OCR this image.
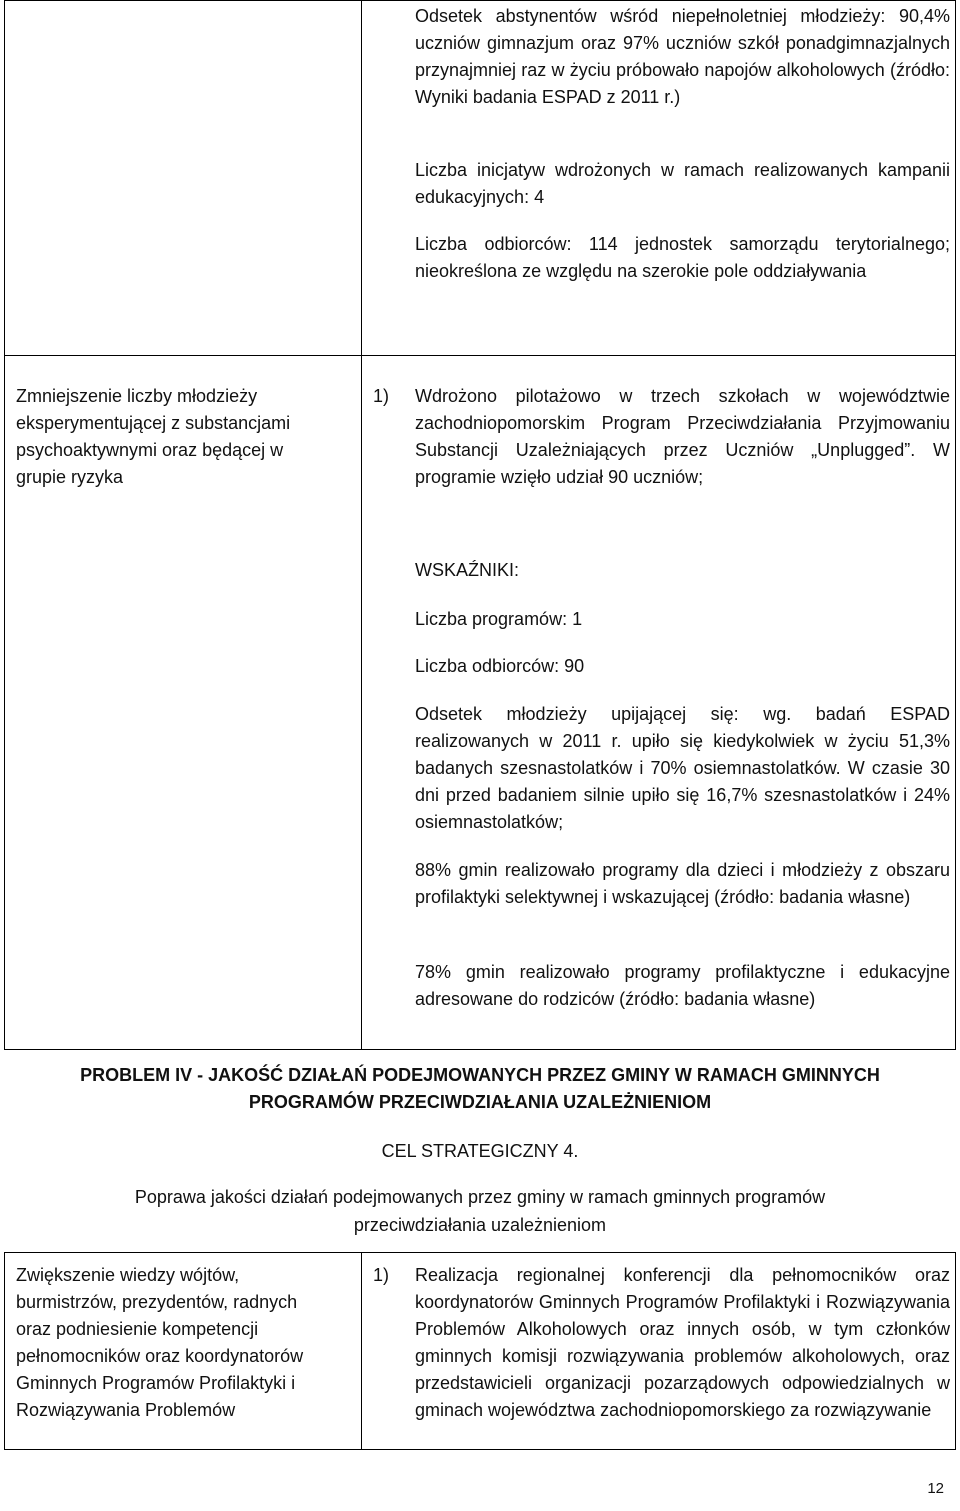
Odsetek abstynentów wśród niepełnoletniej młodzieży: 90,4% uczniów gimnazjum oraz 97% uczniów szkół ponadgimnazjalnych przynajmniej raz w życiu próbowało napojów alkoholowych (źródło: Wyniki badania ESPAD z 2011 r.)

Liczba inicjatyw wdrożonych w ramach realizowanych kampanii edukacyjnych: 4

Liczba odbiorców: 114 jednostek samorządu terytorialnego; nieokreślona ze względu na szerokie pole oddziaływania

Zmniejszenie liczby młodzieży eksperymentującej z substancjami psychoaktywnymi oraz będącej w grupie ryzyka

1) Wdrożono pilotażowo w trzech szkołach w województwie zachodniopomorskim Program Przeciwdziałania Przyjmowaniu Substancji Uzależniających przez Uczniów „Unplugged”. W programie wzięło udział 90 uczniów;

WSKAŹNIKI:

Liczba programów: 1

Liczba odbiorców: 90

Odsetek młodzieży upijającej się: wg. badań ESPAD realizowanych w 2011 r. upiło się kiedykolwiek w życiu 51,3% badanych szesnastolatków i 70% osiemnastolatków. W czasie 30 dni przed badaniem silnie upiło się 16,7% szesnastolatków i 24% osiemnastolatków;

88% gmin realizowało programy dla dzieci i młodzieży z obszaru profilaktyki selektywnej i wskazującej (źródło: badania własne)

78% gmin realizowało programy profilaktyczne i edukacyjne adresowane do rodziców (źródło: badania własne)

PROBLEM IV - JAKOŚĆ DZIAŁAŃ PODEJMOWANYCH PRZEZ GMINY W RAMACH GMINNYCH
PROGRAMÓW PRZECIWDZIAŁANIA UZALEŻNIENIOM
CEL STRATEGICZNY 4.
Poprawa jakości działań podejmowanych przez gminy w ramach gminnych programów
przeciwdziałania uzależnieniom

Zwiększenie wiedzy wójtów, burmistrzów, prezydentów, radnych oraz podniesienie kompetencji pełnomocników oraz koordynatorów Gminnych Programów Profilaktyki i Rozwiązywania Problemów

1) Realizacja regionalnej konferencji dla pełnomocników oraz koordynatorów Gminnych Programów Profilaktyki i Rozwiązywania Problemów Alkoholowych oraz innych osób, w tym członków gminnych komisji rozwiązywania problemów alkoholowych, oraz przedstawicieli organizacji pozarządowych odpowiedzialnych w gminach województwa zachodniopomorskiego za rozwiązywanie

12
